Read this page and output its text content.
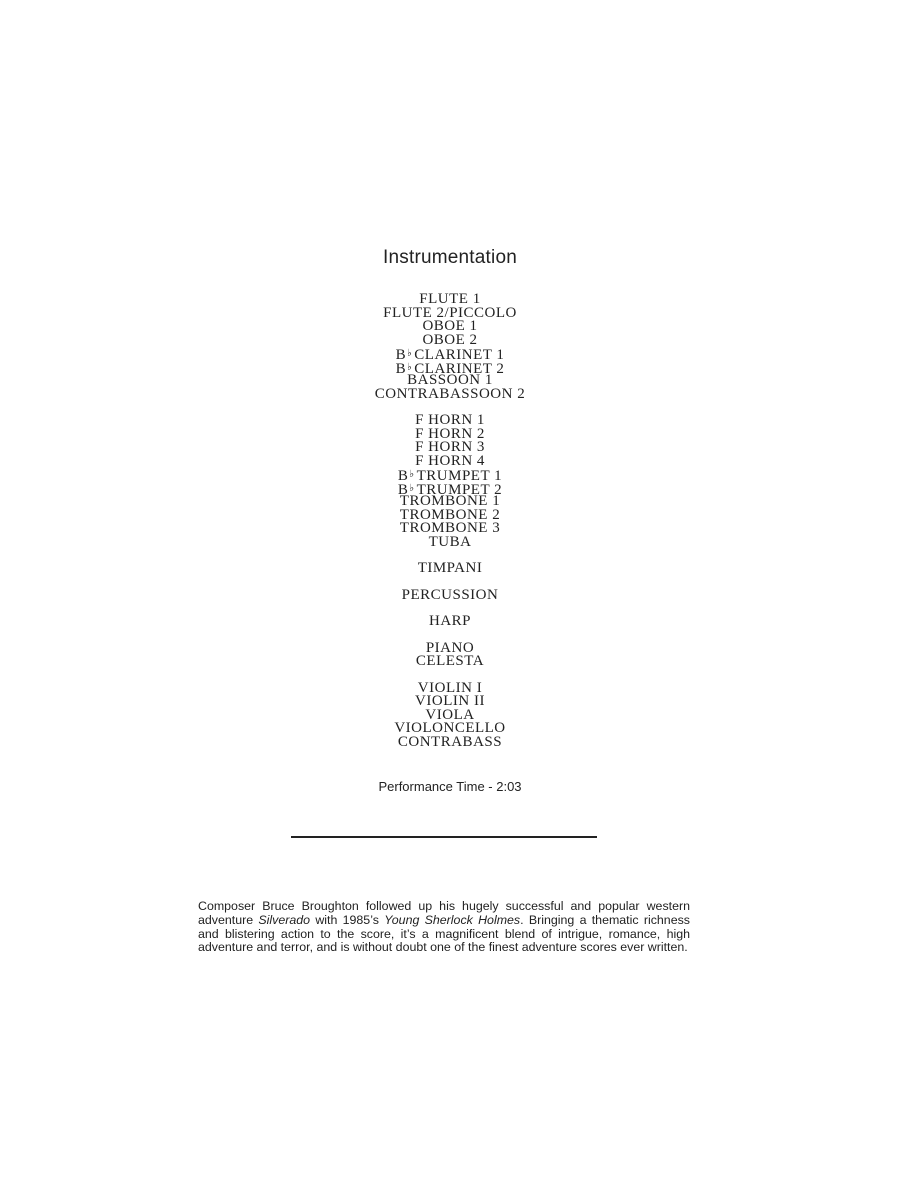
Instrumentation
FLUTE 1
FLUTE 2/PICCOLO
OBOE 1
OBOE 2
B♭ CLARINET 1
B♭ CLARINET 2
BASSOON 1
CONTRABASSOON 2
F HORN 1
F HORN 2
F HORN 3
F HORN 4
B♭ TRUMPET 1
B♭ TRUMPET 2
TROMBONE 1
TROMBONE 2
TROMBONE 3
TUBA
TIMPANI
PERCUSSION
HARP
PIANO
CELESTA
VIOLIN I
VIOLIN II
VIOLA
VIOLONCELLO
CONTRABASS
Performance Time - 2:03

Composer Bruce Broughton followed up his hugely successful and popular western adventure Silverado with 1985’s Young Sherlock Holmes. Bringing a thematic richness and blistering action to the score, it’s a magnificent blend of intrigue, romance, high adventure and terror, and is without doubt one of the finest adventure scores ever written.
